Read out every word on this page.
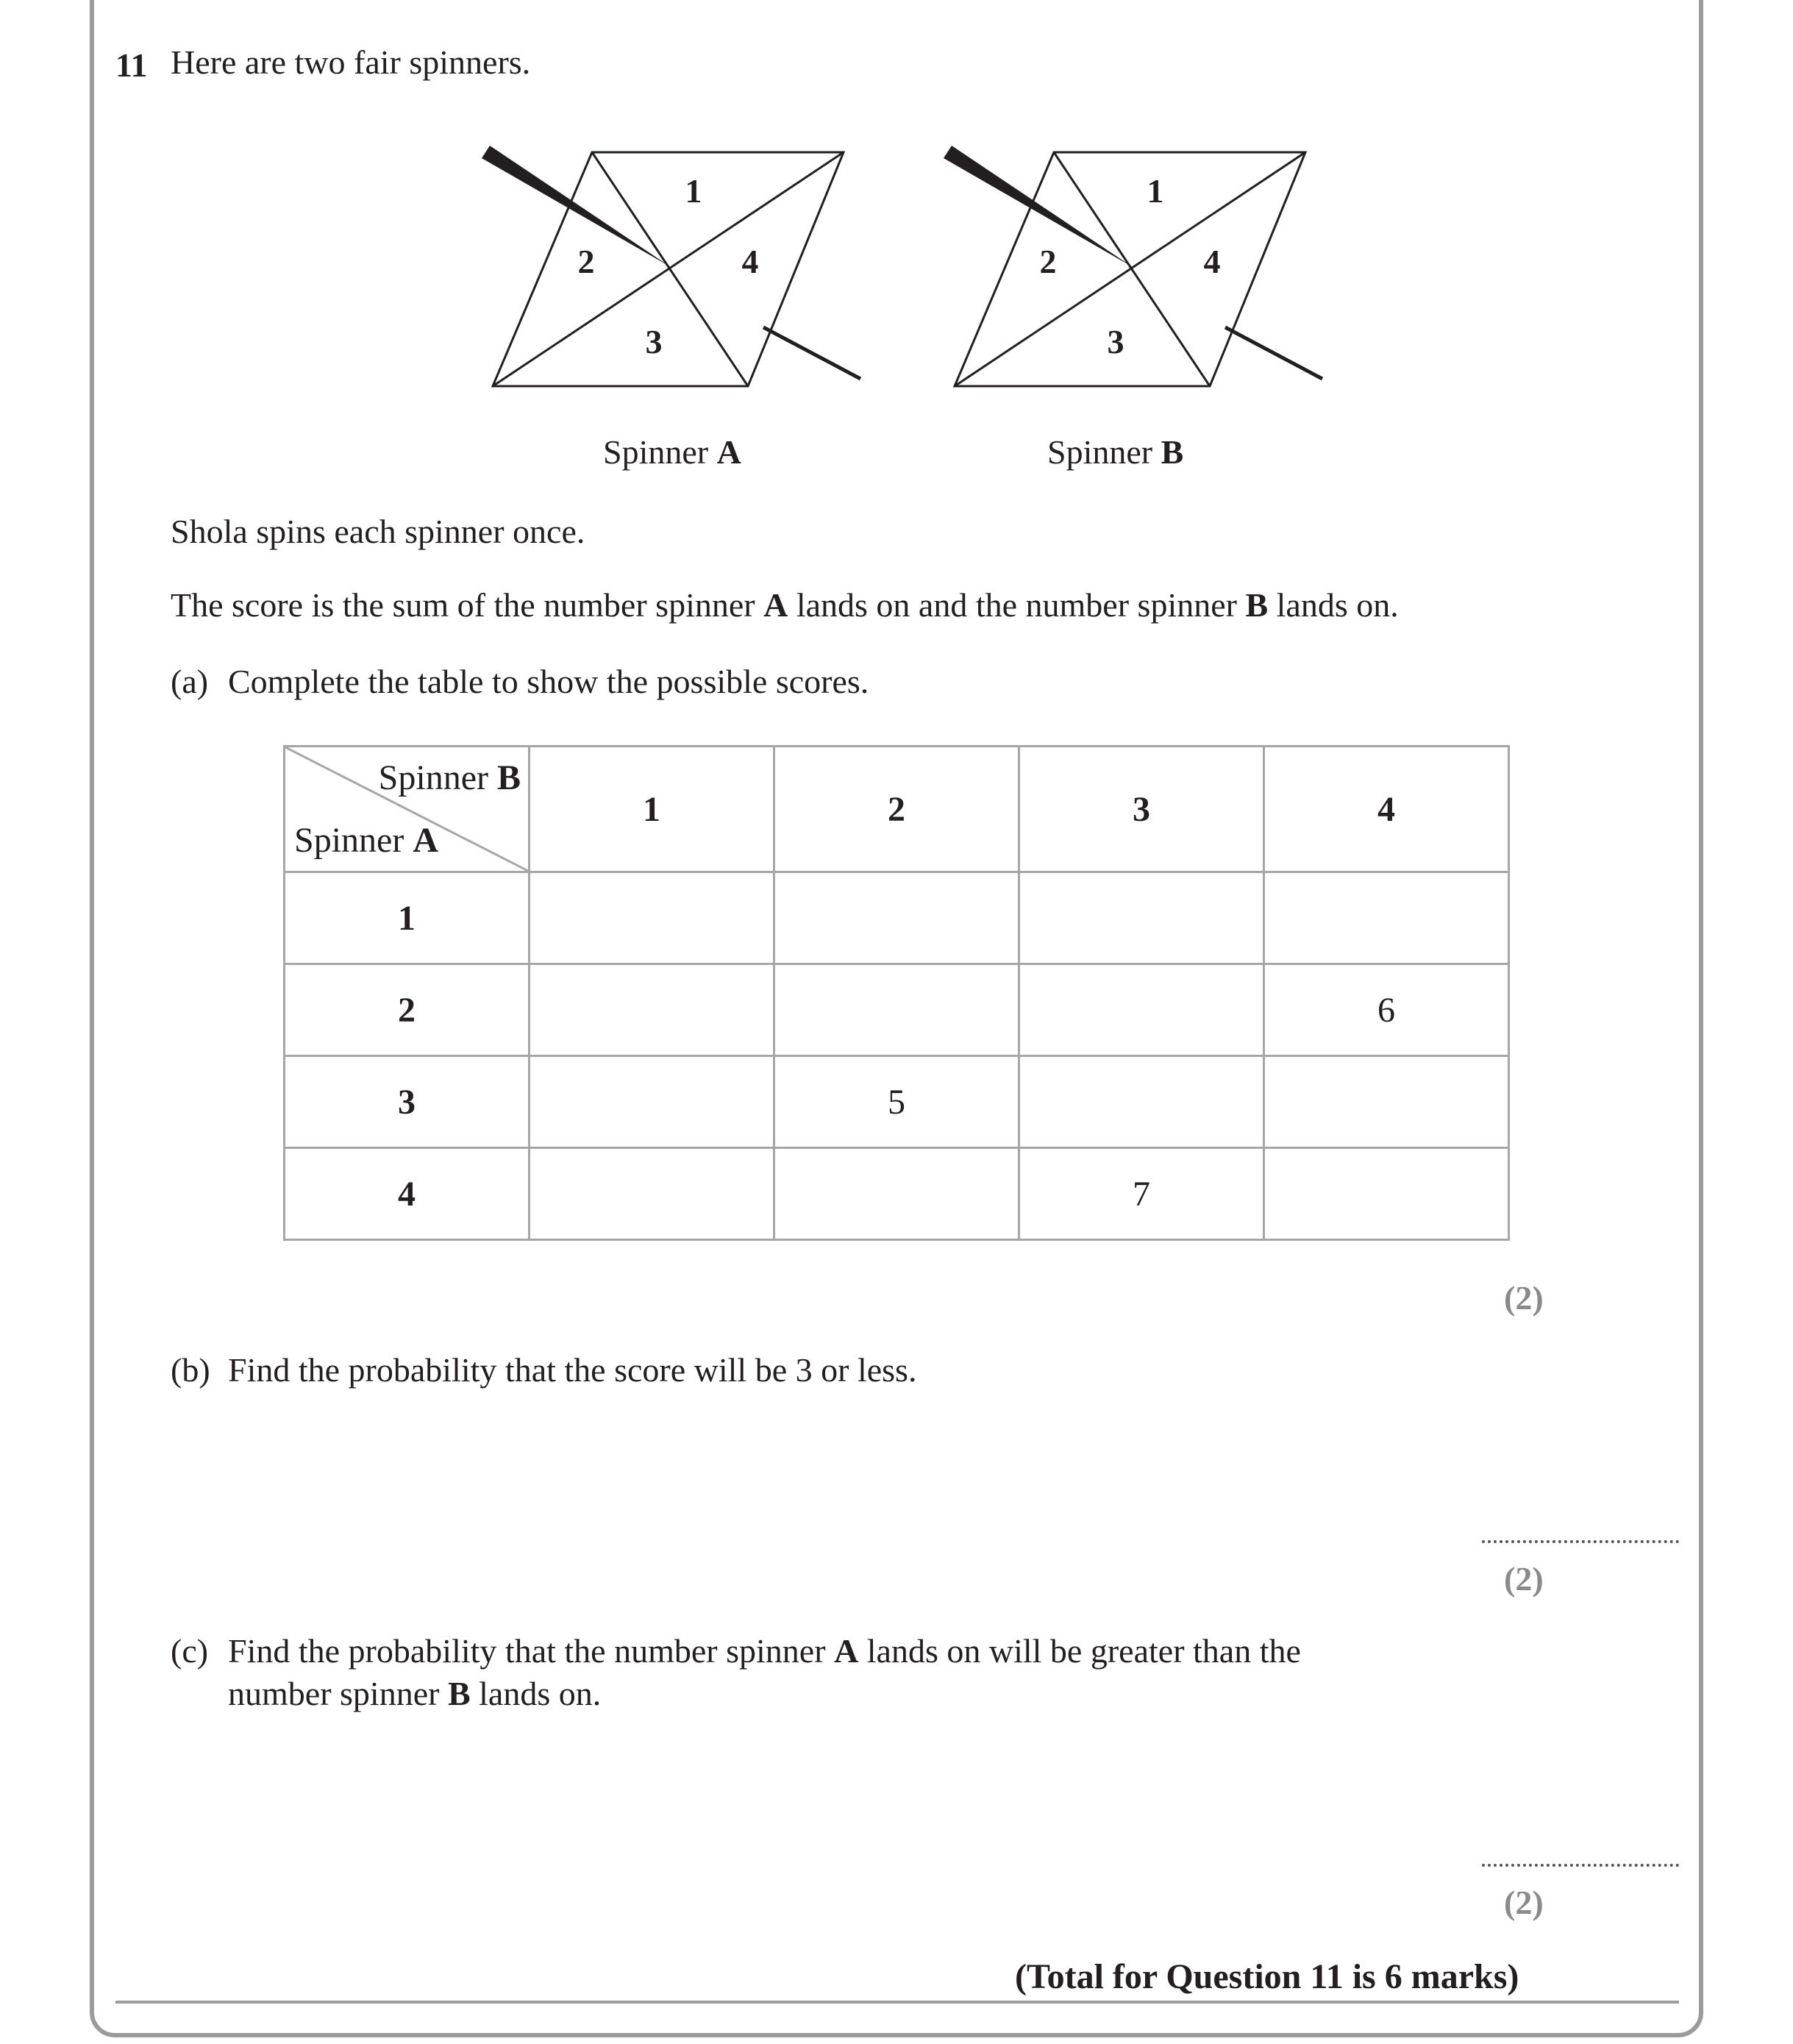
11 Here are two fair spinners.
1
2	4
3
Spinner A
1
2	4
3
Spinner B
Shola spins each spinner once.
The score is the sum of the number spinner A lands on and the number spinner B lands on.
(a) Complete the table to show the possible scores.
Spinner B
Spinner A	1	2	3	4
1				
2				6
3		5		
4			7	
(2)
(b) Find the probability that the score will be 3 or less.
(2)
(c) Find the probability that the number spinner A lands on will be greater than the
number spinner B lands on.
(2)
(Total for Question 11 is 6 marks)
